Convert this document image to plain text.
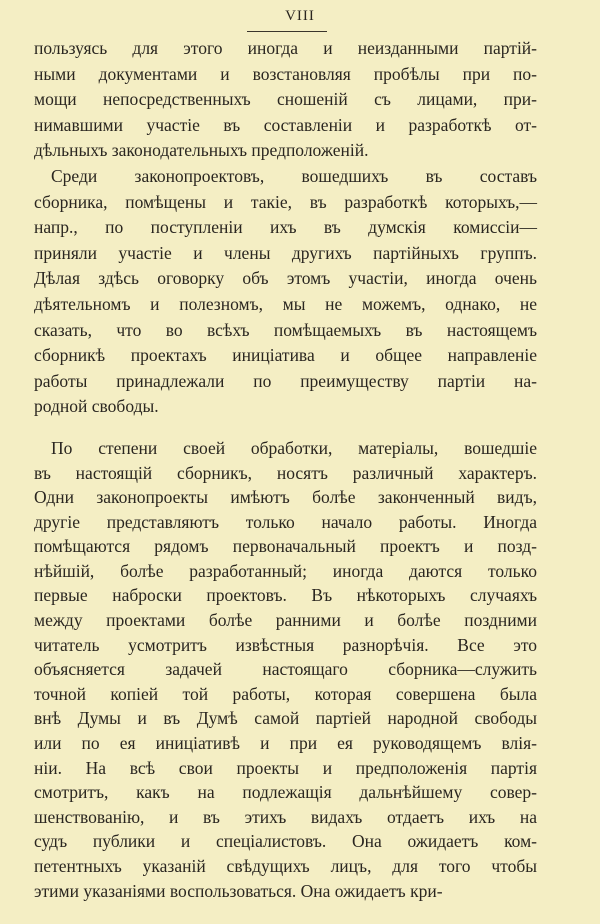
VIII
пользуясь для этого иногда и неизданными партій-
ными документами и возстановляя пробѣлы при по-
мощи непосредственныхъ сношеній съ лицами, при-
нимавшими участіе въ составленіи и разработкѣ от-
дѣльныхъ законодательныхъ предположеній.
Среди законопроектовъ, вошедшихъ въ составъ
сборника, помѣщены и такіе, въ разработкѣ которыхъ,—
напр., по поступленіи ихъ въ думскія комиссіи—
приняли участіе и члены другихъ партійныхъ группъ.
Дѣлая здѣсь оговорку объ этомъ участіи, иногда очень
дѣятельномъ и полезномъ, мы не можемъ, однако, не
сказать, что во всѣхъ помѣщаемыхъ въ настоящемъ
сборникѣ проектахъ иниціатива и общее направленіе
работы принадлежали по преимуществу партіи на-
родной свободы.
По степени своей обработки, матеріалы, вошедшіе
въ настоящій сборникъ, носятъ различный характеръ.
Одни законопроекты имѣютъ болѣе законченный видъ,
другіе представляютъ только начало работы. Иногда
помѣщаются рядомъ первоначальный проектъ и позд-
нѣйшій, болѣе разработанный; иногда даются только
первые наброски проектовъ. Въ нѣкоторыхъ случаяхъ
между проектами болѣе ранними и болѣе поздними
читатель усмотритъ извѣстныя разнорѣчія. Все это
объясняется задачей настоящаго сборника—служить
точной копіей той работы, которая совершена была
внѣ Думы и въ Думѣ самой партіей народной свободы
или по ея иниціативѣ и при ея руководящемъ влія-
ніи. На всѣ свои проекты и предположенія партія
смотритъ, какъ на подлежащія дальнѣйшему совер-
шенствованію, и въ этихъ видахъ отдаетъ ихъ на
судъ публики и спеціалистовъ. Она ожидаетъ ком-
петентныхъ указаній свѣдущихъ лицъ, для того чтобы
этими указаніями воспользоваться. Она ожидаетъ кри-
